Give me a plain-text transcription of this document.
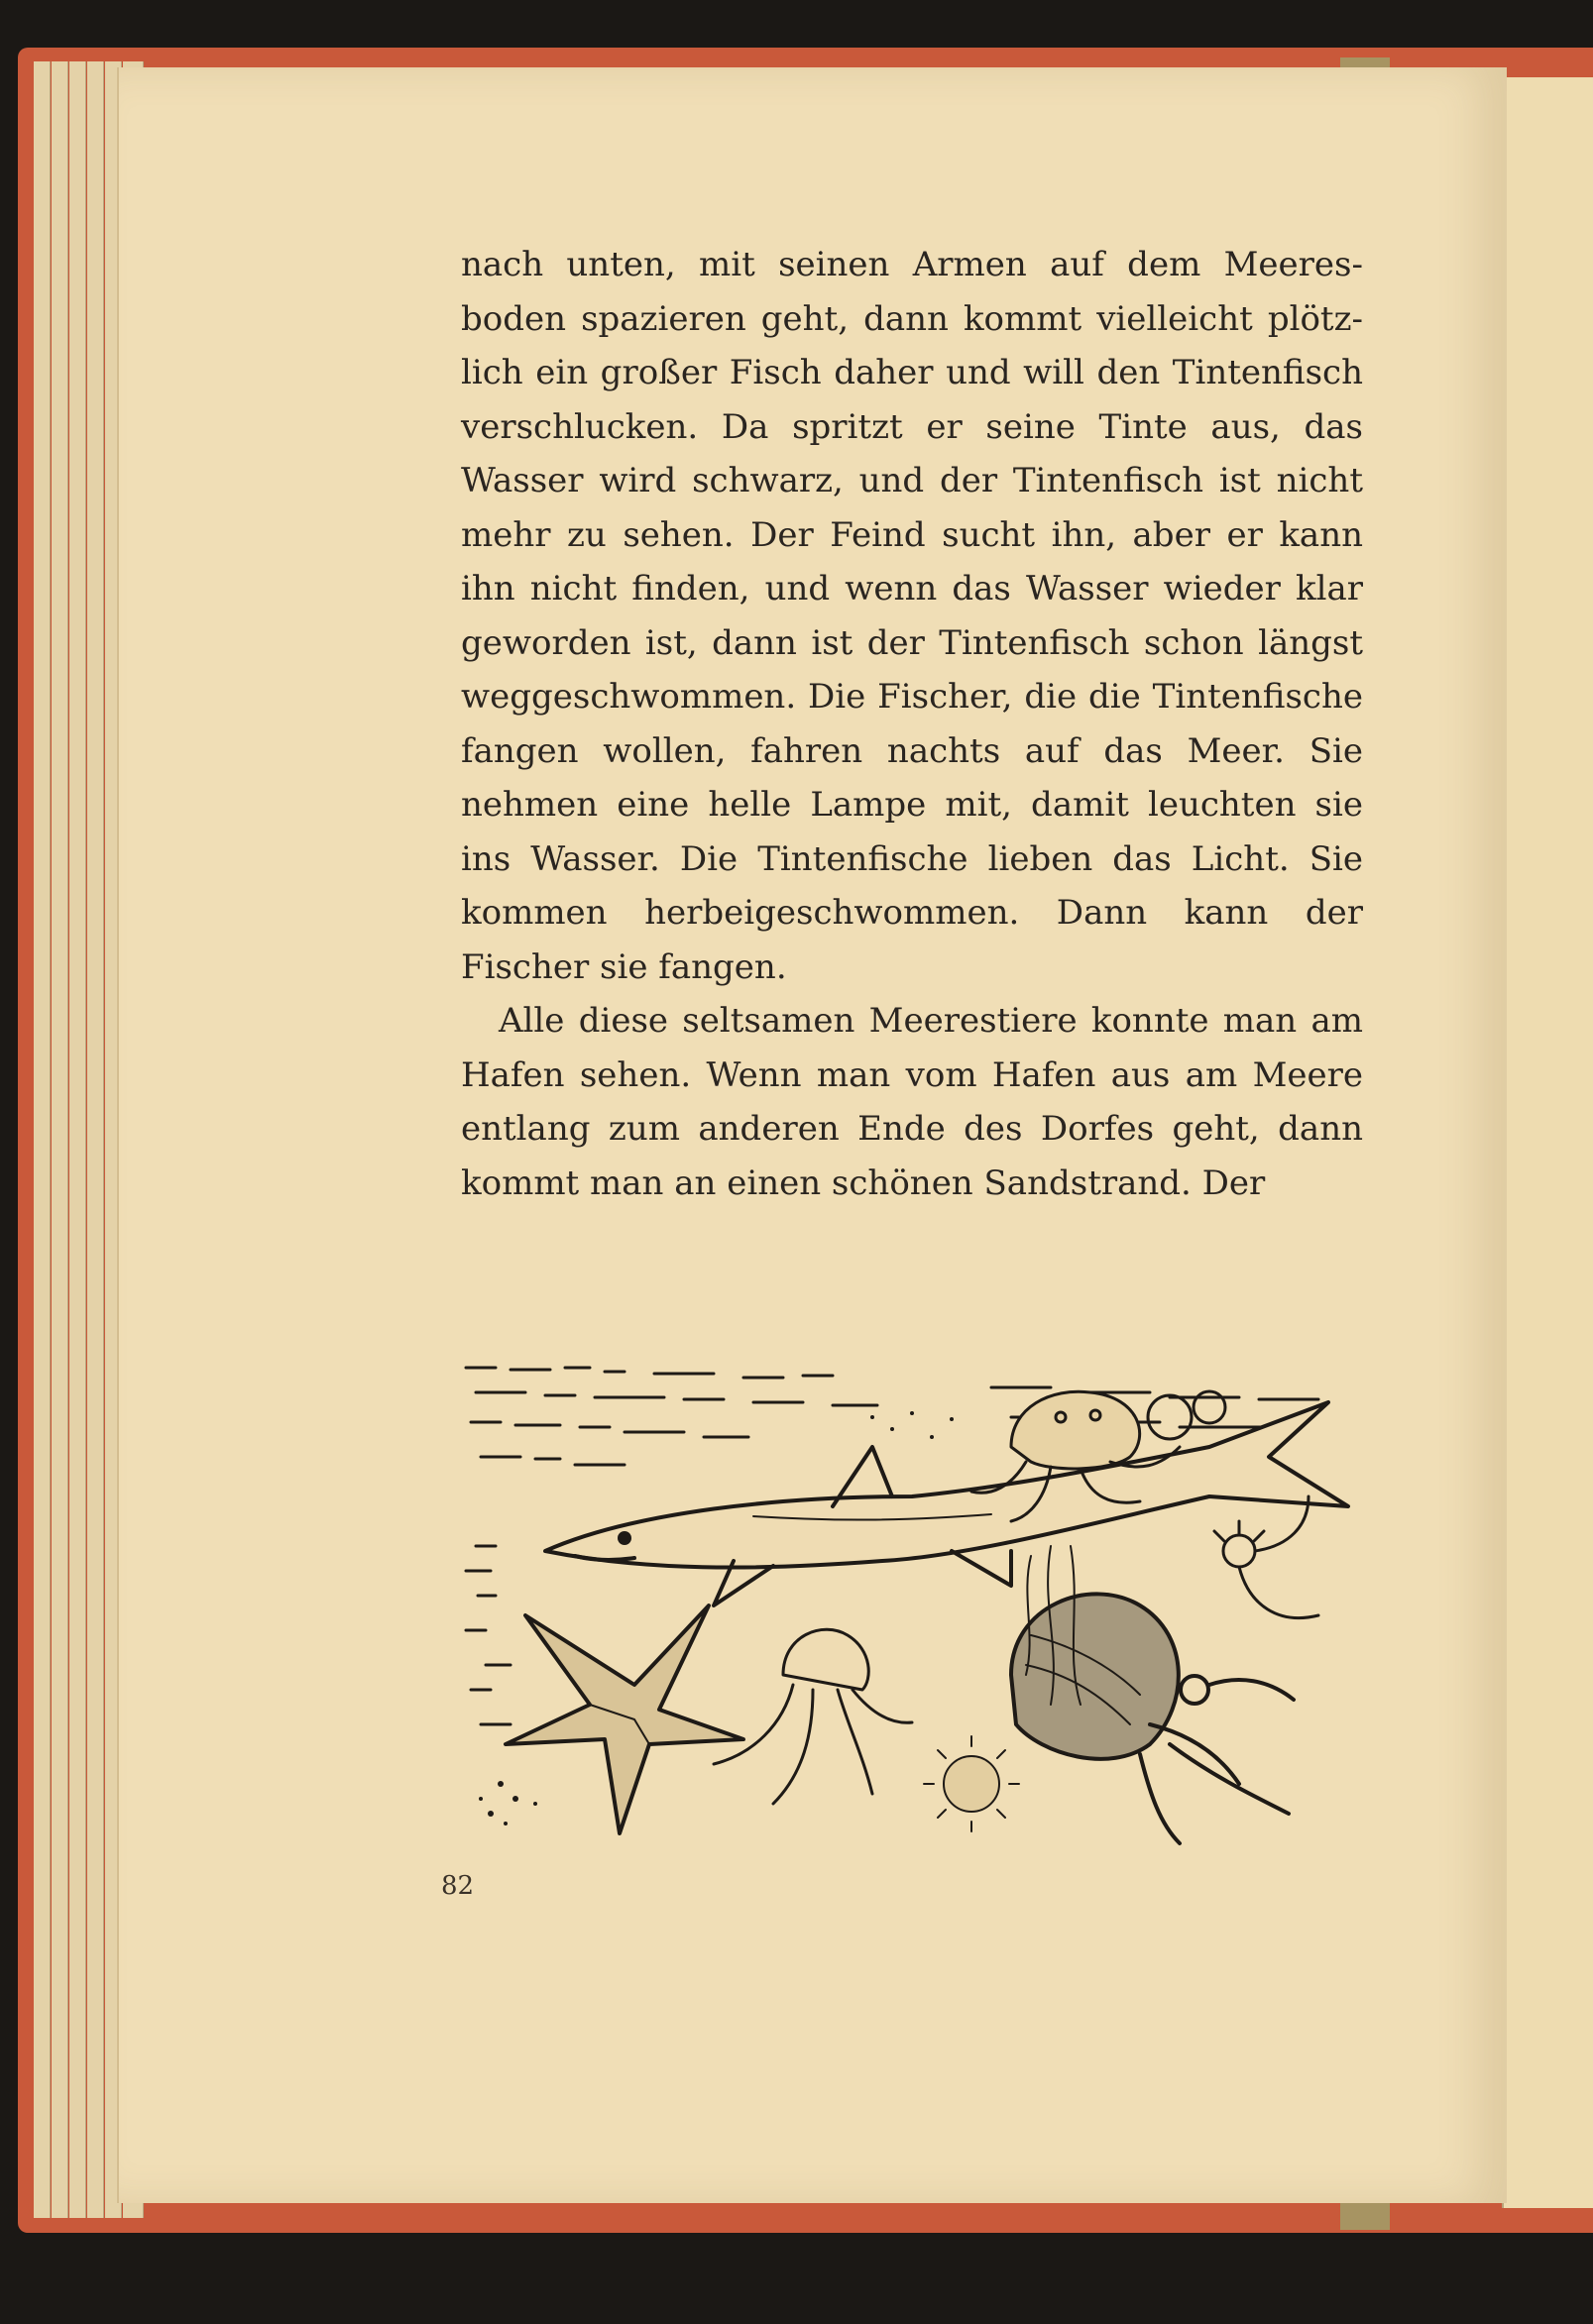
nach unten, mit seinen Armen auf dem Meeresboden spazieren geht, dann kommt vielleicht plötzlich ein großer Fisch daher und will den Tintenfisch verschlucken. Da spritzt er seine Tinte aus, das Wasser wird schwarz, und der Tintenfisch ist nicht mehr zu sehen. Der Feind sucht ihn, aber er kann ihn nicht finden, und wenn das Wasser wieder klar geworden ist, dann ist der Tintenfisch schon längst weggeschwommen. Die Fischer, die die Tintenfische fangen wollen, fahren nachts auf das Meer. Sie nehmen eine helle Lampe mit, damit leuchten sie ins Wasser. Die Tintenfische lieben das Licht. Sie kommen herbeigeschwommen. Dann kann der Fischer sie fangen.

Alle diese seltsamen Meerestiere konnte man am Hafen sehen. Wenn man vom Hafen aus am Meere entlang zum anderen Ende des Dorfes geht, dann kommt man an einen schönen Sandstrand. Der

82
